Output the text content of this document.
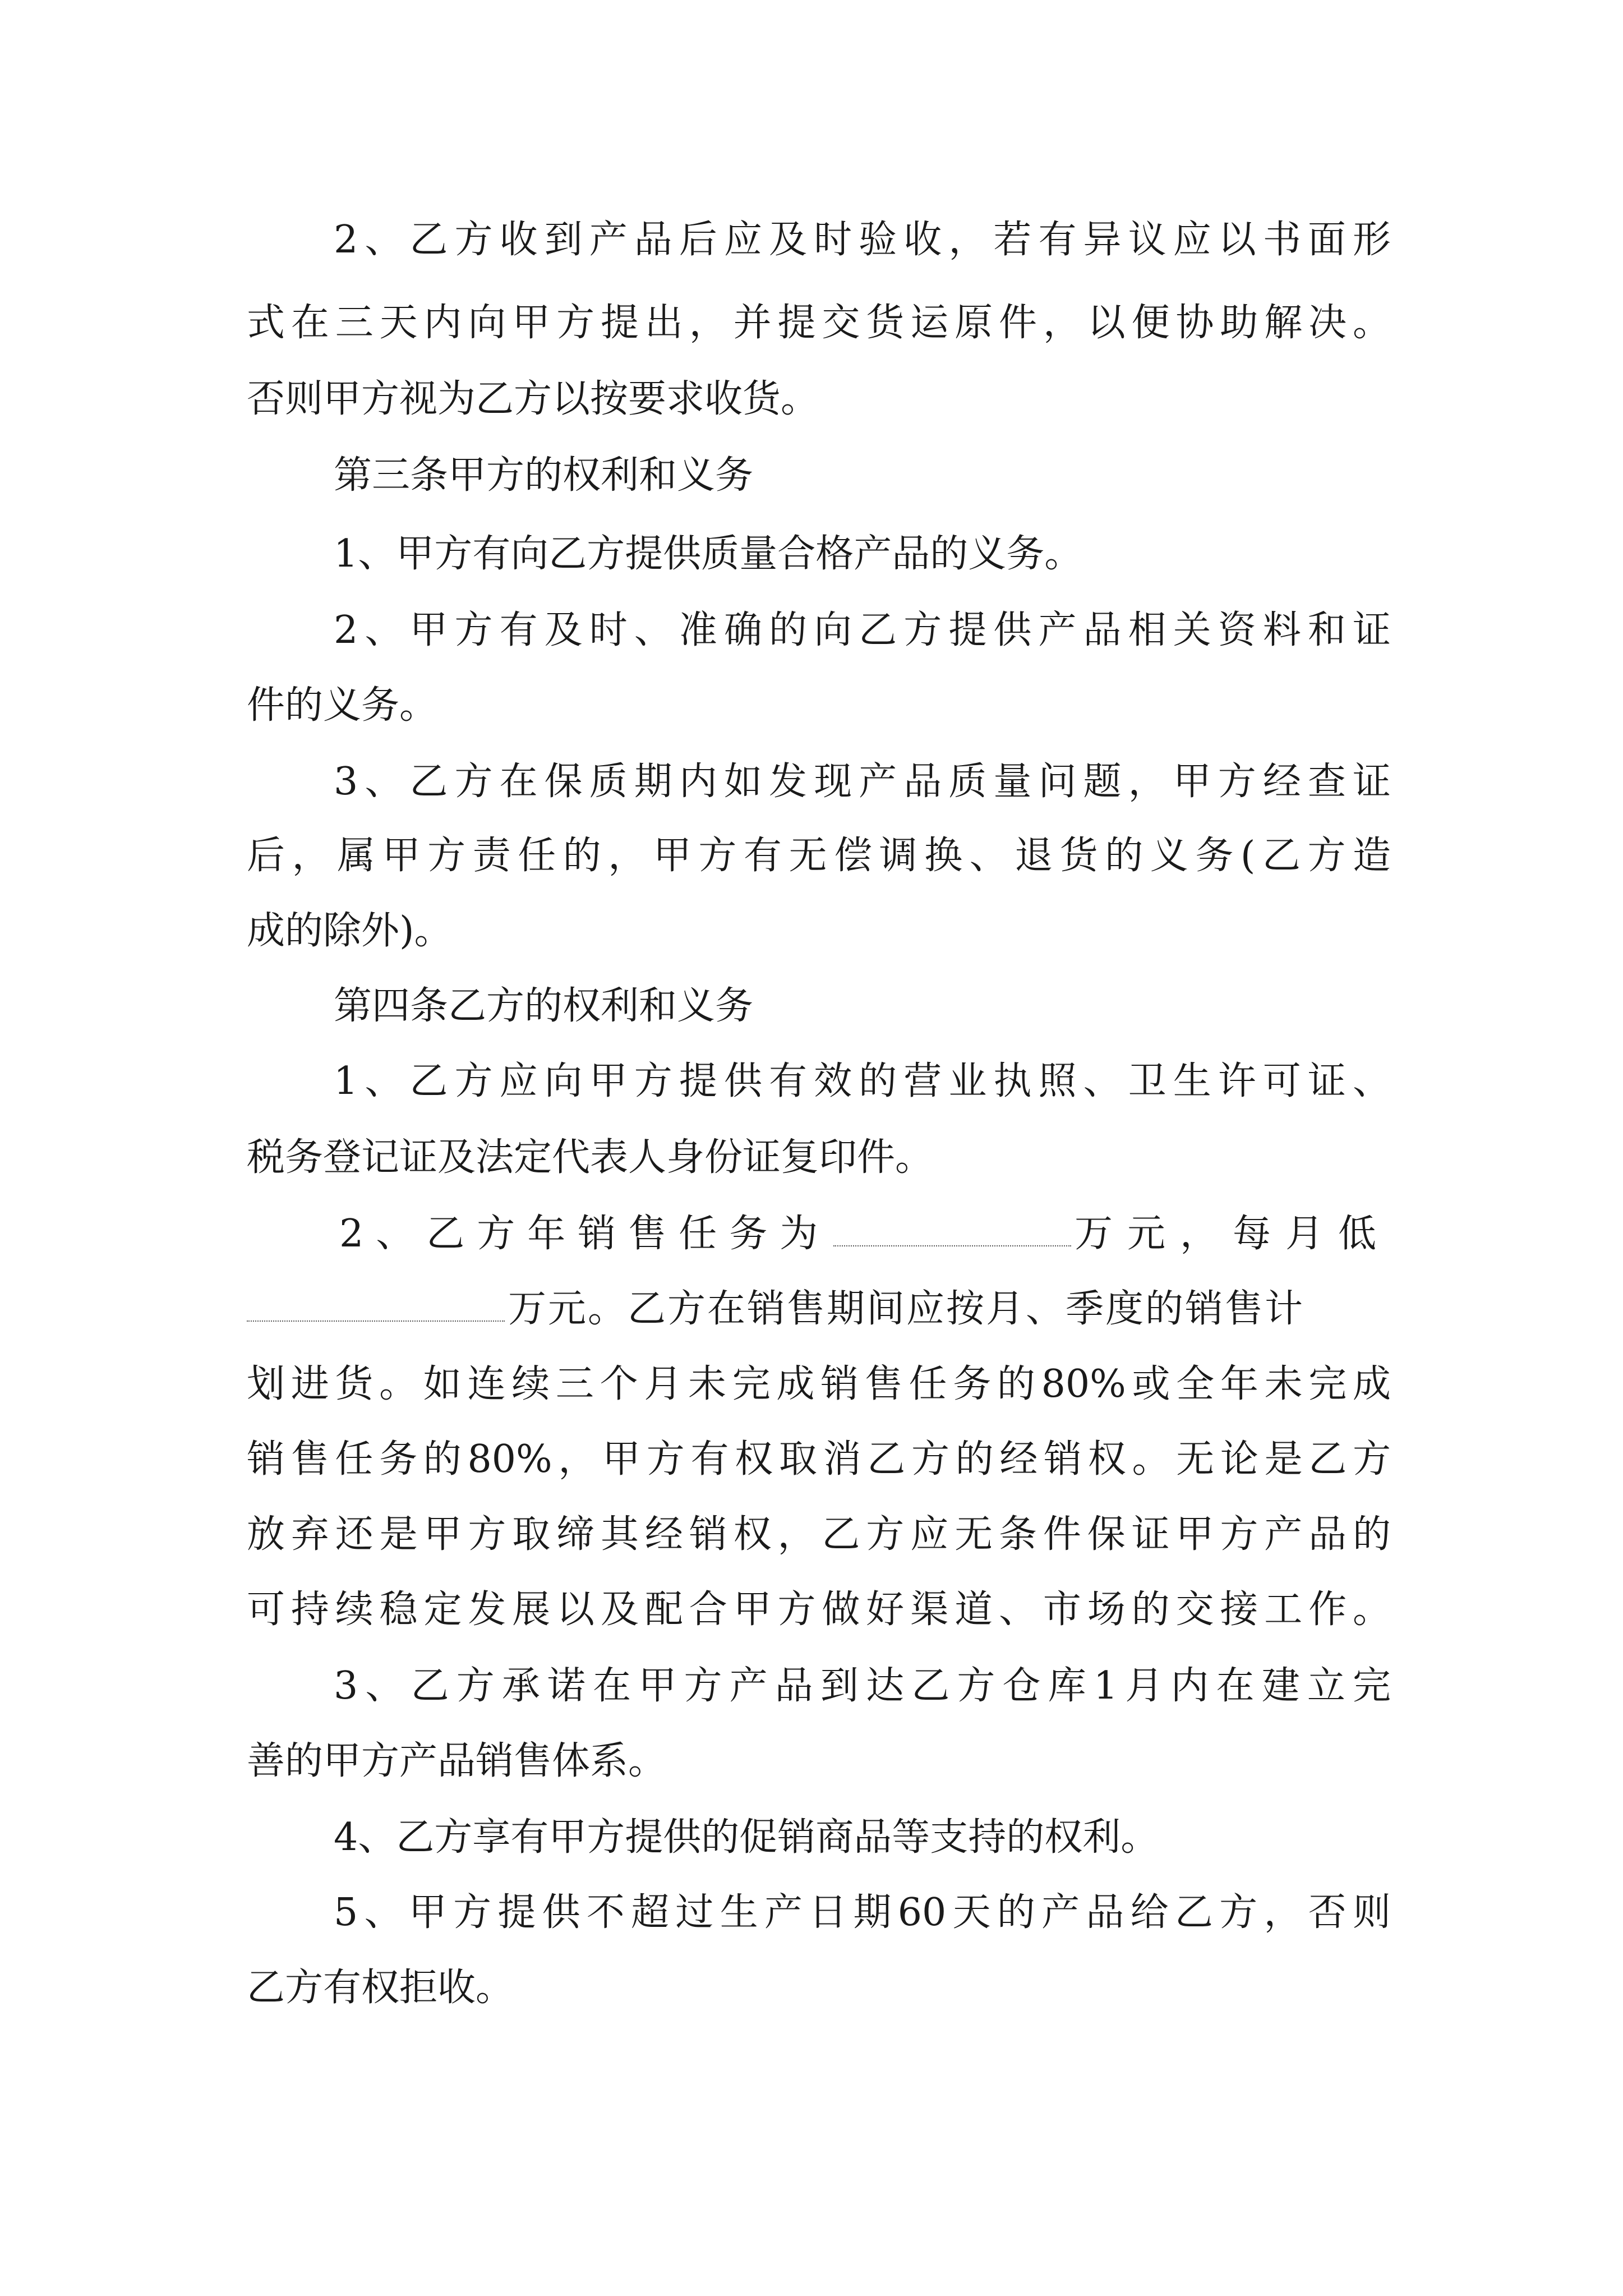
2、乙方收到产品后应及时验收，若有异议应以书面形
式在三天内向甲方提出，并提交货运原件，以便协助解决。
否则甲方视为乙方以按要求收货。
第三条甲方的权利和义务
1、甲方有向乙方提供质量合格产品的义务。
2、甲方有及时、准确的向乙方提供产品相关资料和证
件的义务。
3、乙方在保质期内如发现产品质量问题，甲方经查证
后，属甲方责任的，甲方有无偿调换、退货的义务(乙方造
成的除外)。
第四条乙方的权利和义务
1、乙方应向甲方提供有效的营业执照、卫生许可证、
税务登记证及法定代表人身份证复印件。
2、乙方年销售任务为	万元，每月低
万元。乙方在销售期间应按月、季度的销售计
划进货。如连续三个月未完成销售任务的80%或全年未完成
销售任务的80%，甲方有权取消乙方的经销权。无论是乙方
放弃还是甲方取缔其经销权，乙方应无条件保证甲方产品的
可持续稳定发展以及配合甲方做好渠道、市场的交接工作。
3、乙方承诺在甲方产品到达乙方仓库1月内在建立完
善的甲方产品销售体系。
4、乙方享有甲方提供的促销商品等支持的权利。
5、甲方提供不超过生产日期60天的产品给乙方，否则
乙方有权拒收。
